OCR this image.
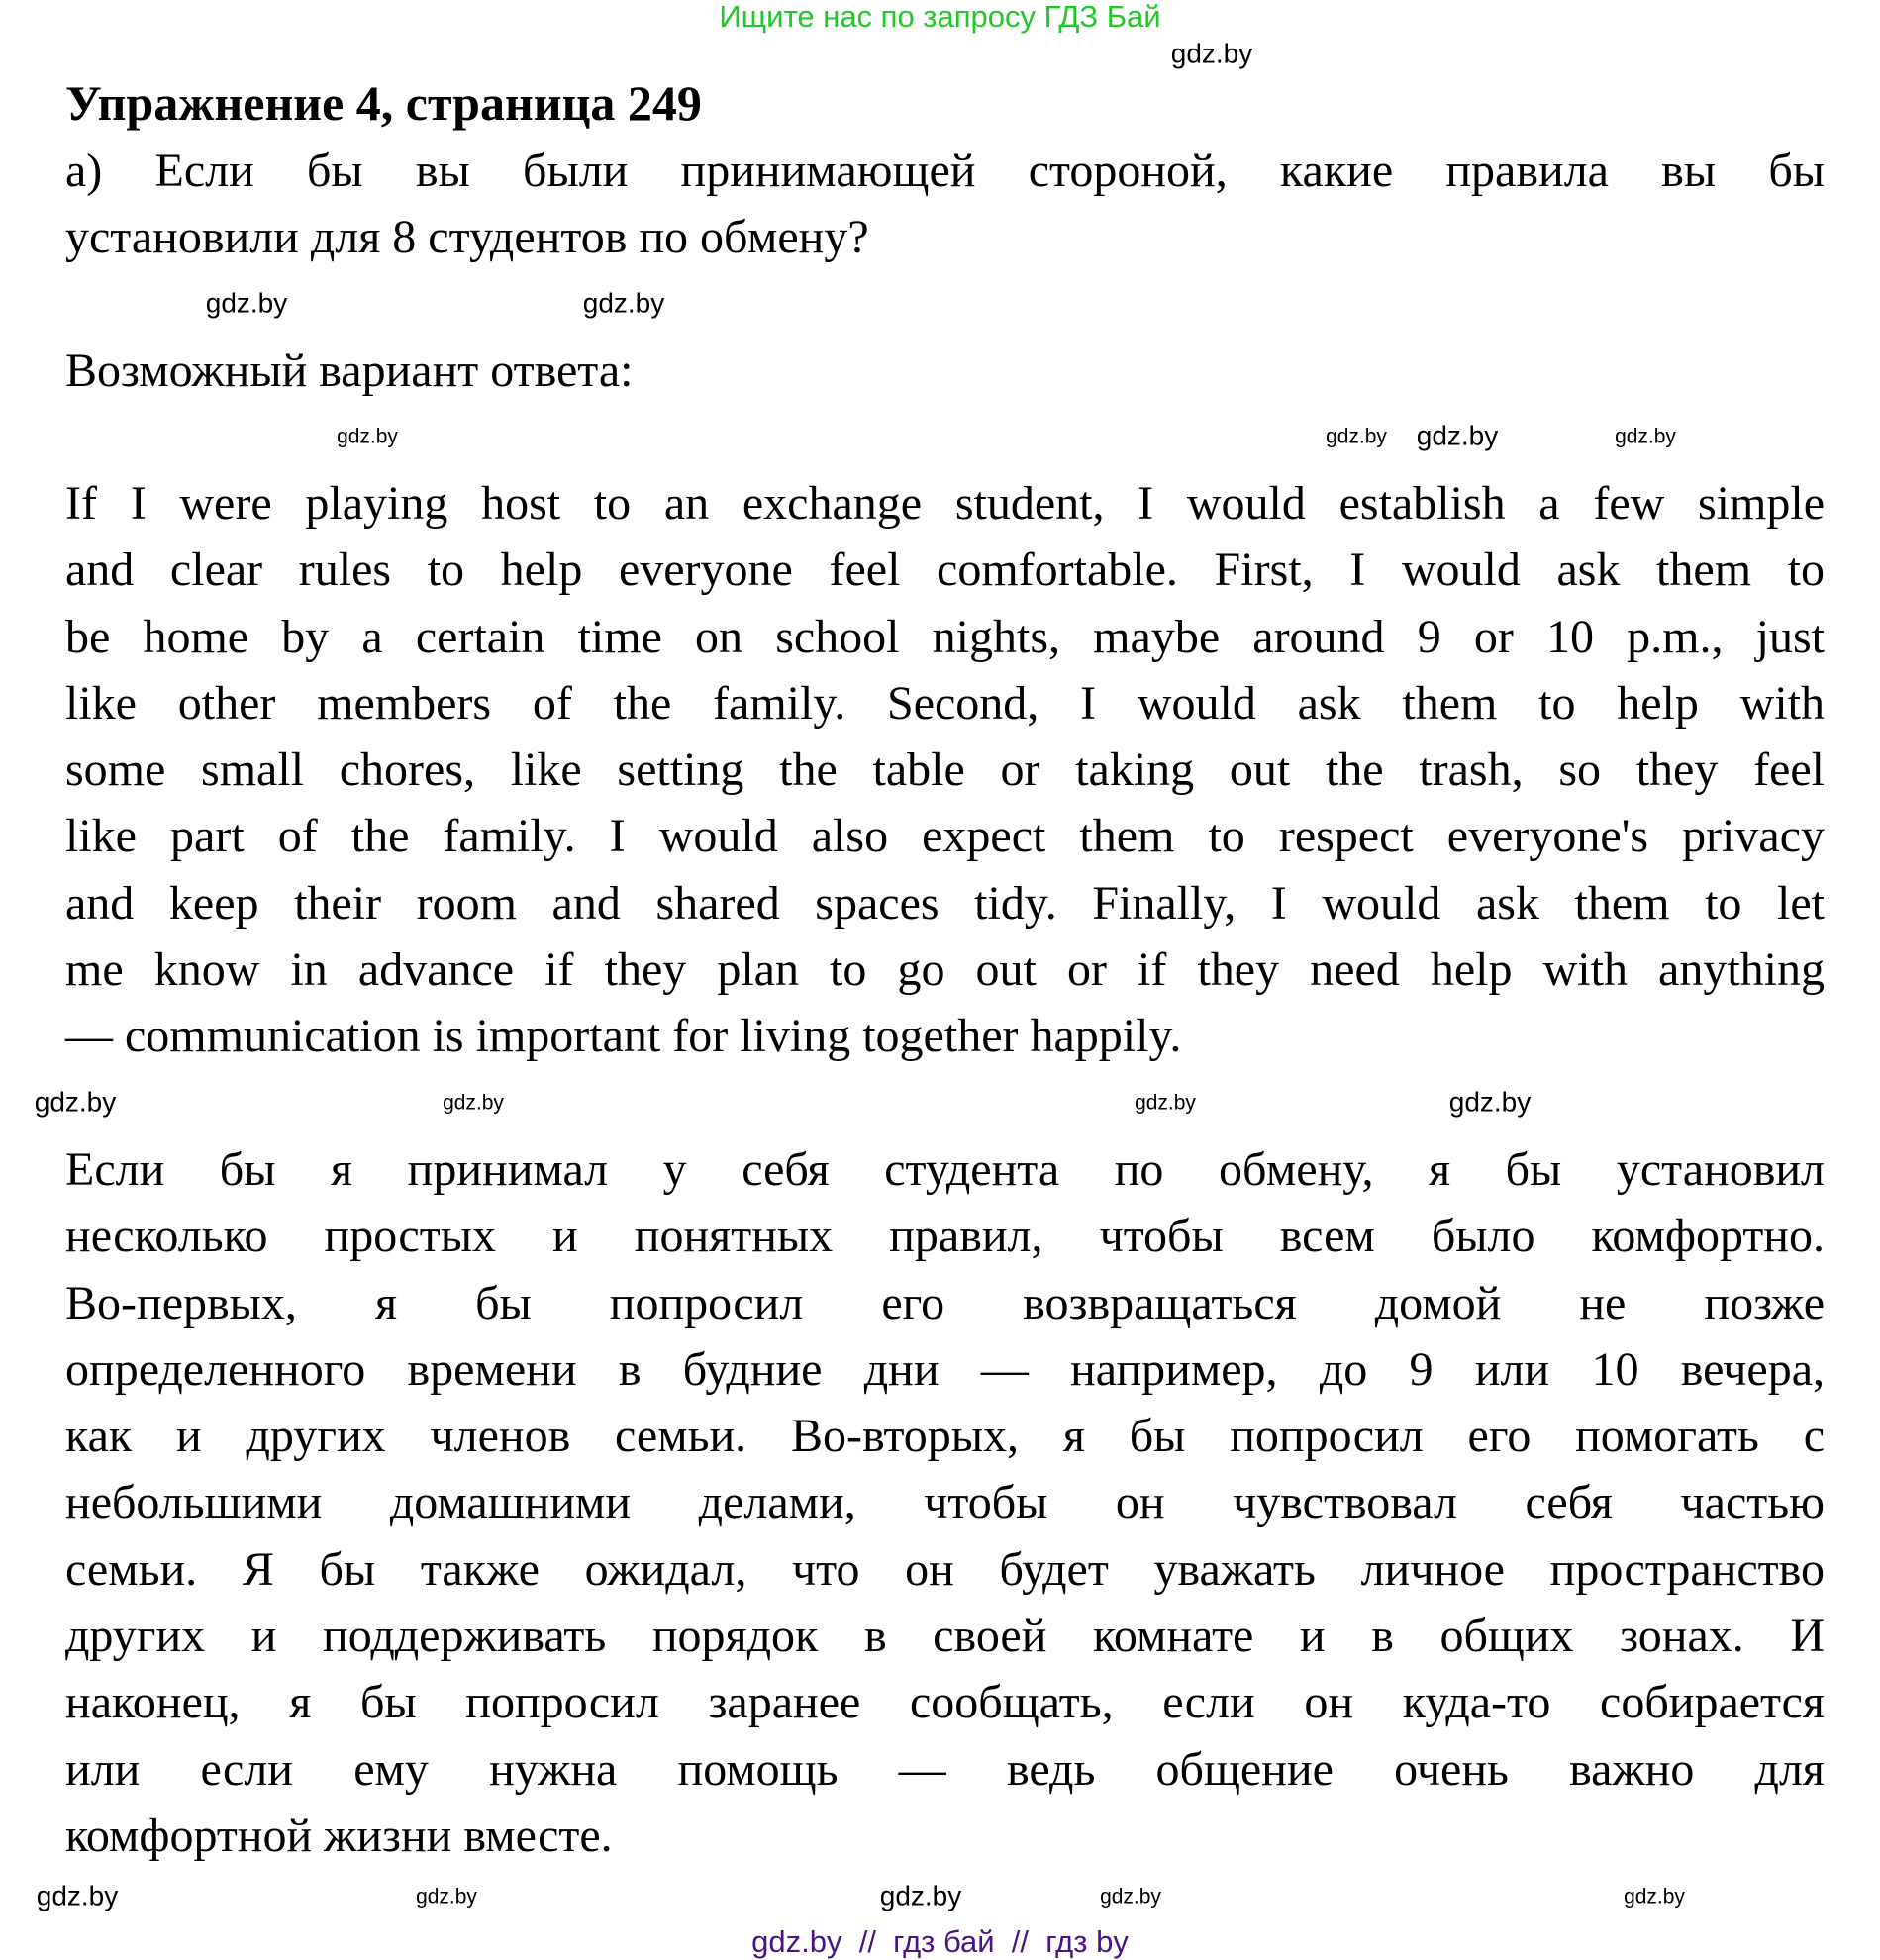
Ищите нас по запросу ГДЗ Бай
Упражнение 4, страница 249
а) Если бы вы были принимающей стороной, какие правила вы бы
установили для 8 студентов по обмену?
Возможный вариант ответа:
If I were playing host to an exchange student, I would establish a few simple
and clear rules to help everyone feel comfortable. First, I would ask them to
be home by a certain time on school nights, maybe around 9 or 10 p.m., just
like other members of the family. Second, I would ask them to help with
some small chores, like setting the table or taking out the trash, so they feel
like part of the family. I would also expect them to respect everyone's privacy
and keep their room and shared spaces tidy. Finally, I would ask them to let
me know in advance if they plan to go out or if they need help with anything
— communication is important for living together happily.
Если бы я принимал у себя студента по обмену, я бы установил
несколько простых и понятных правил, чтобы всем было комфортно.
Во-первых, я бы попросил его возвращаться домой не позже
определенного времени в будние дни — например, до 9 или 10 вечера,
как и других членов семьи. Во-вторых, я бы попросил его помогать с
небольшими домашними делами, чтобы он чувствовал себя частью
семьи. Я бы также ожидал, что он будет уважать личное пространство
других и поддерживать порядок в своей комнате и в общих зонах. И
наконец, я бы попросил заранее сообщать, если он куда-то собирается
или если ему нужна помощь — ведь общение очень важно для
комфортной жизни вместе.
gdz.by
gdz.by	gdz.by
gdz.by	gdz.by gdz.by	gdz.by
gdz.by	gdz.by	gdz.by	gdz.by
gdz.by	gdz.by	gdz.by	gdz.by	gdz.by
gdz.by  //  гдз бай  //  гдз by
